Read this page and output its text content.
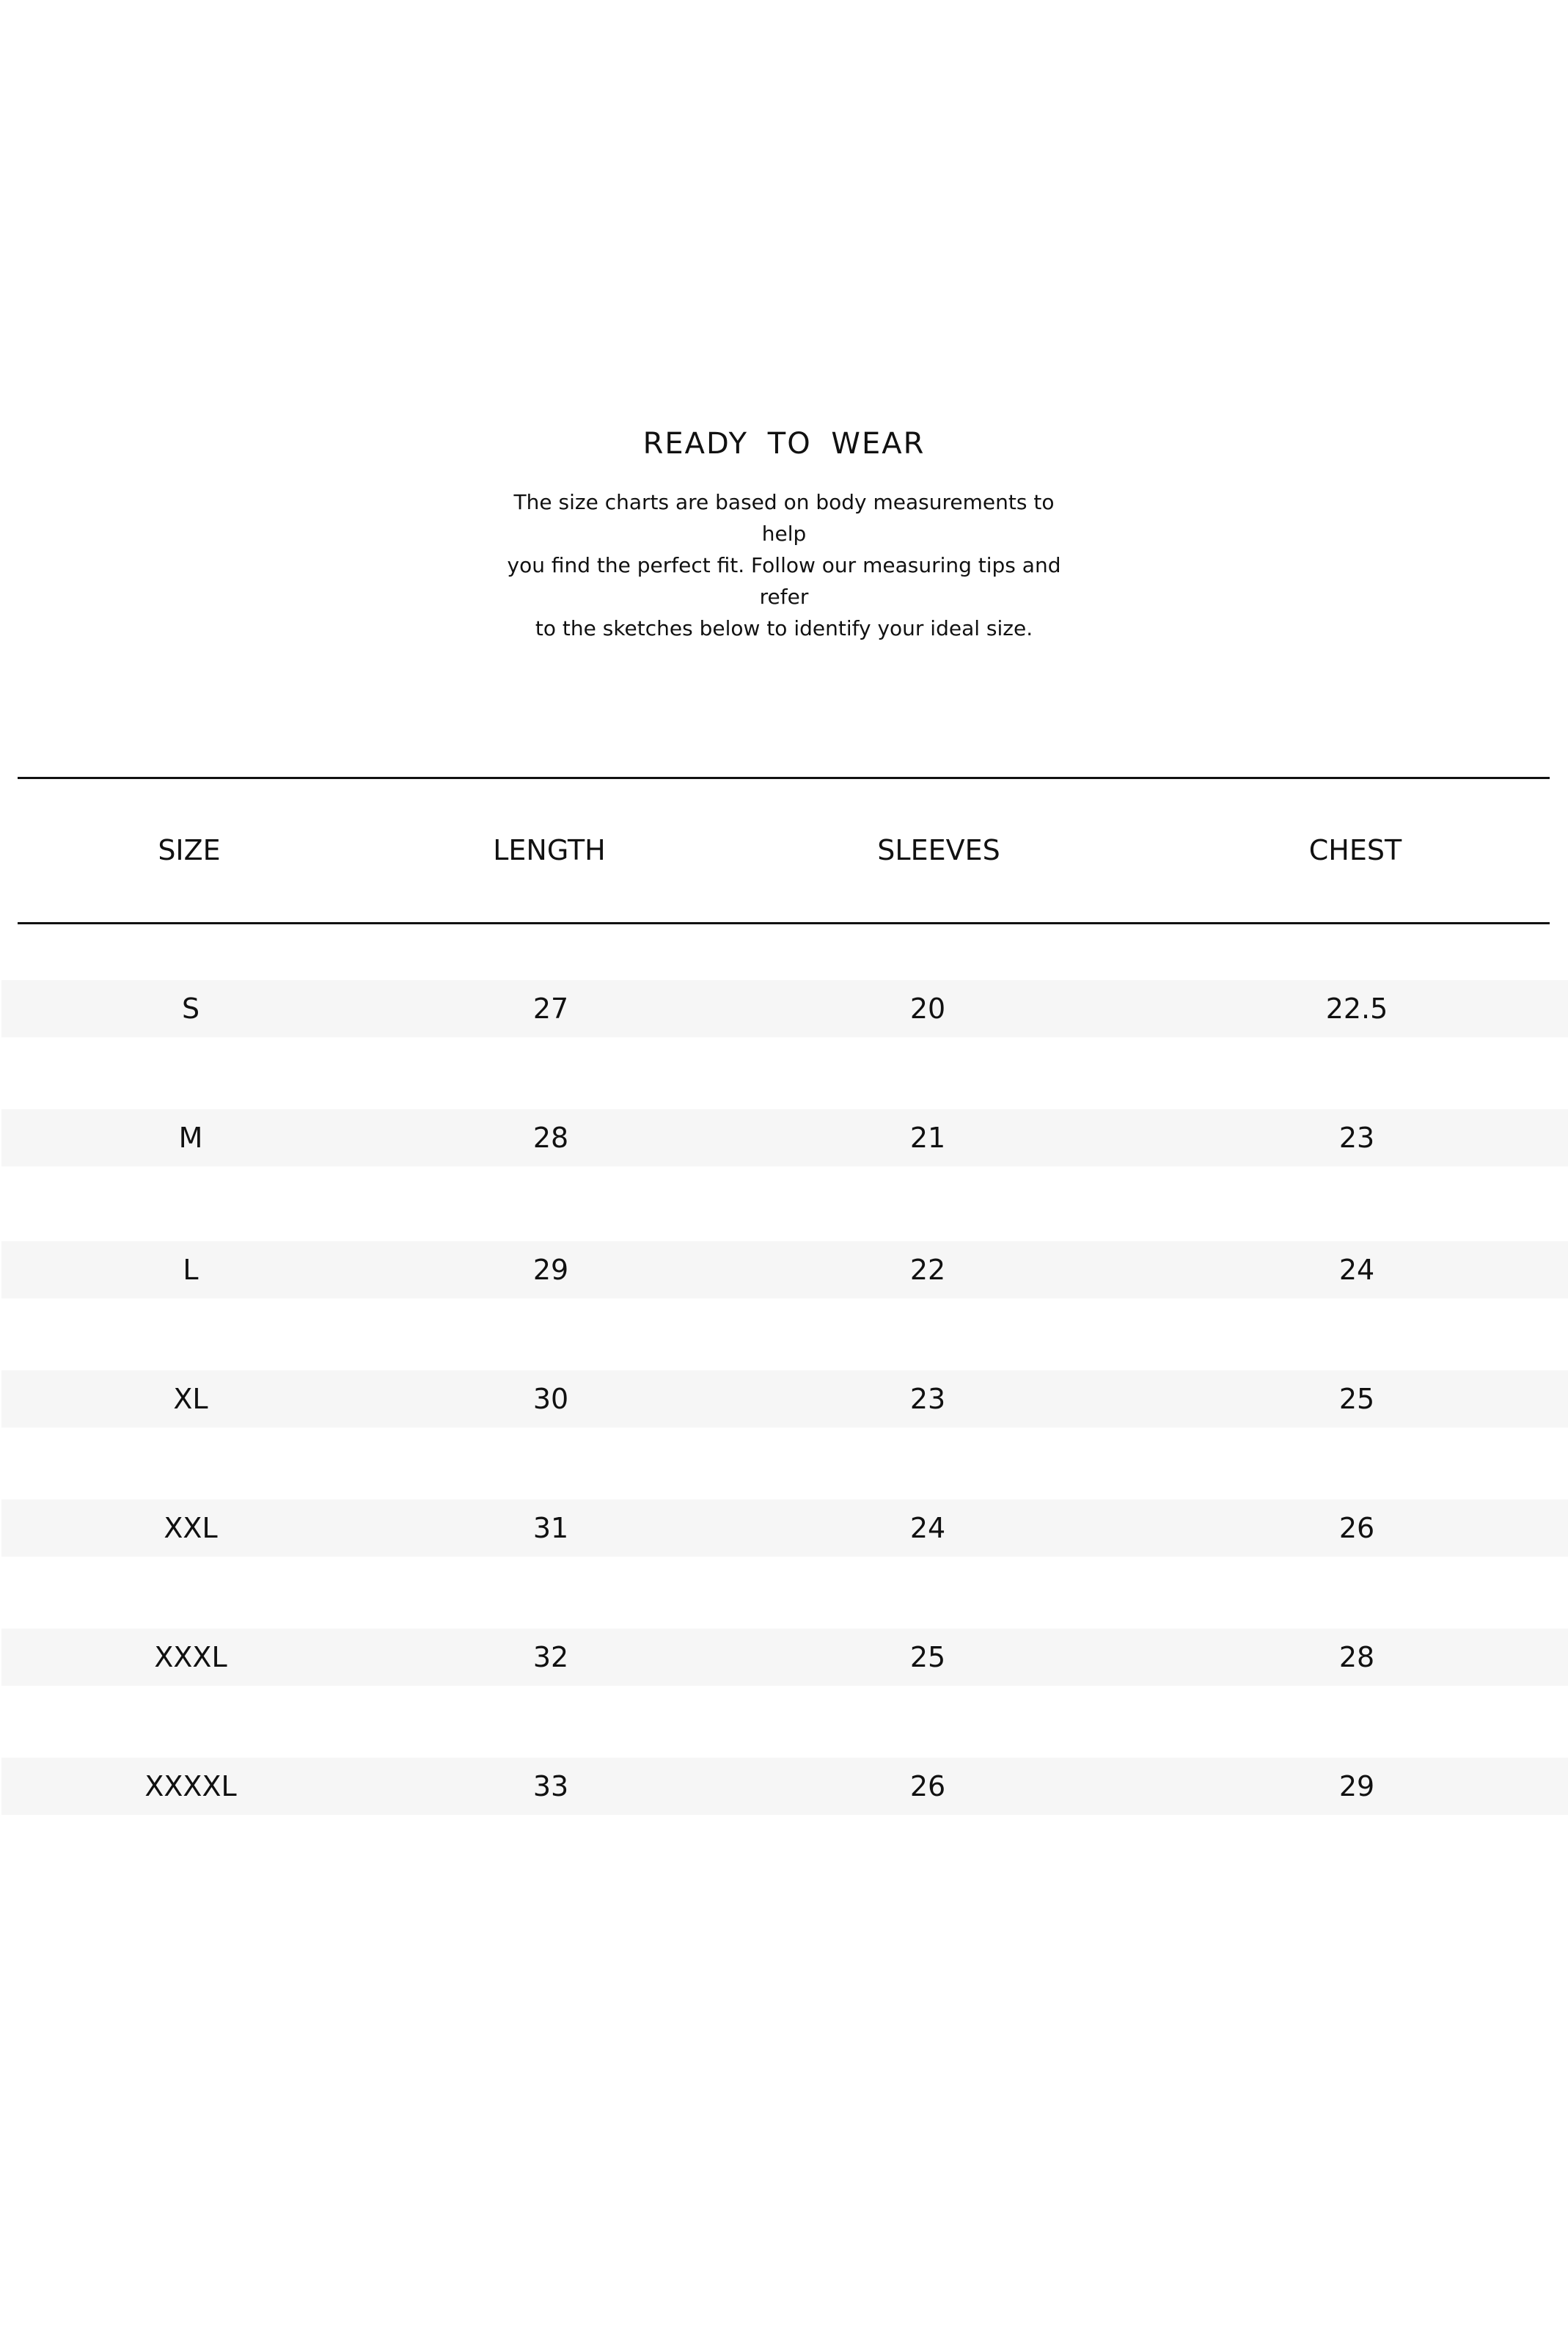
READY TO WEAR
The size charts are based on body measurements to help
you find the perfect fit. Follow our measuring tips and refer
to the sketches below to identify your ideal size.
SIZE	LENGTH	SLEEVES	CHEST
S	27	20	22.5
M	28	21	23
L	29	22	24
XL	30	23	25
XXL	31	24	26
XXXL	32	25	28
XXXXL	33	26	29
